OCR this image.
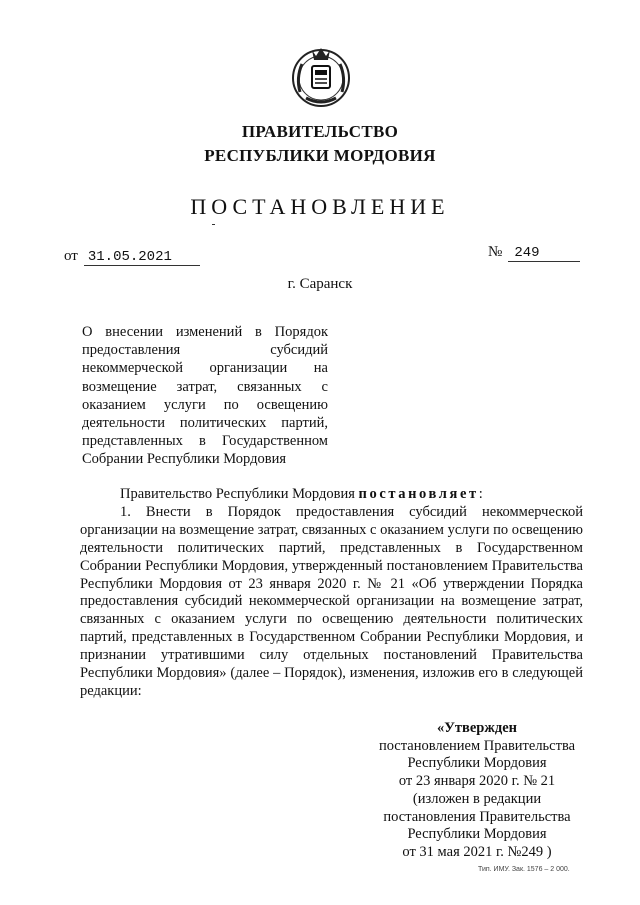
ПРАВИТЕЛЬСТВО
РЕСПУБЛИКИ МОРДОВИЯ
ПОСТАНОВЛЕНИЕ
от 31.05.2021	№ 249
г. Саранск
О внесении изменений в Порядок предоставления субсидий некоммерческой организации на возмещение затрат, связанных с оказанием услуги по освещению деятельности политических партий, представленных в Государственном Собрании Республики Мордовия

Правительство Республики Мордовия постановляет:

1. Внести в Порядок предоставления субсидий некоммерческой организации на возмещение затрат, связанных с оказанием услуги по освещению деятельности политических партий, представленных в Государственном Собрании Республики Мордовия, утвержденный постановлением Правительства Республики Мордовия от 23 января 2020 г. № 21 «Об утверждении Порядка предоставления субсидий некоммерческой организации на возмещение затрат, связанных с оказанием услуги по освещению деятельности политических партий, представленных в Государственном Собрании Республики Мордовия, и признании утратившими силу отдельных постановлений Правительства Республики Мордовия» (далее – Порядок), изменения, изложив его в следующей редакции:

«Утвержден
постановлением Правительства
Республики Мордовия
от 23 января 2020 г. № 21
(изложен в редакции
постановления Правительства
Республики Мордовия
от 31 мая 2021 г. №249 )
Тип. ИМУ. Зак. 1576 – 2 000.
